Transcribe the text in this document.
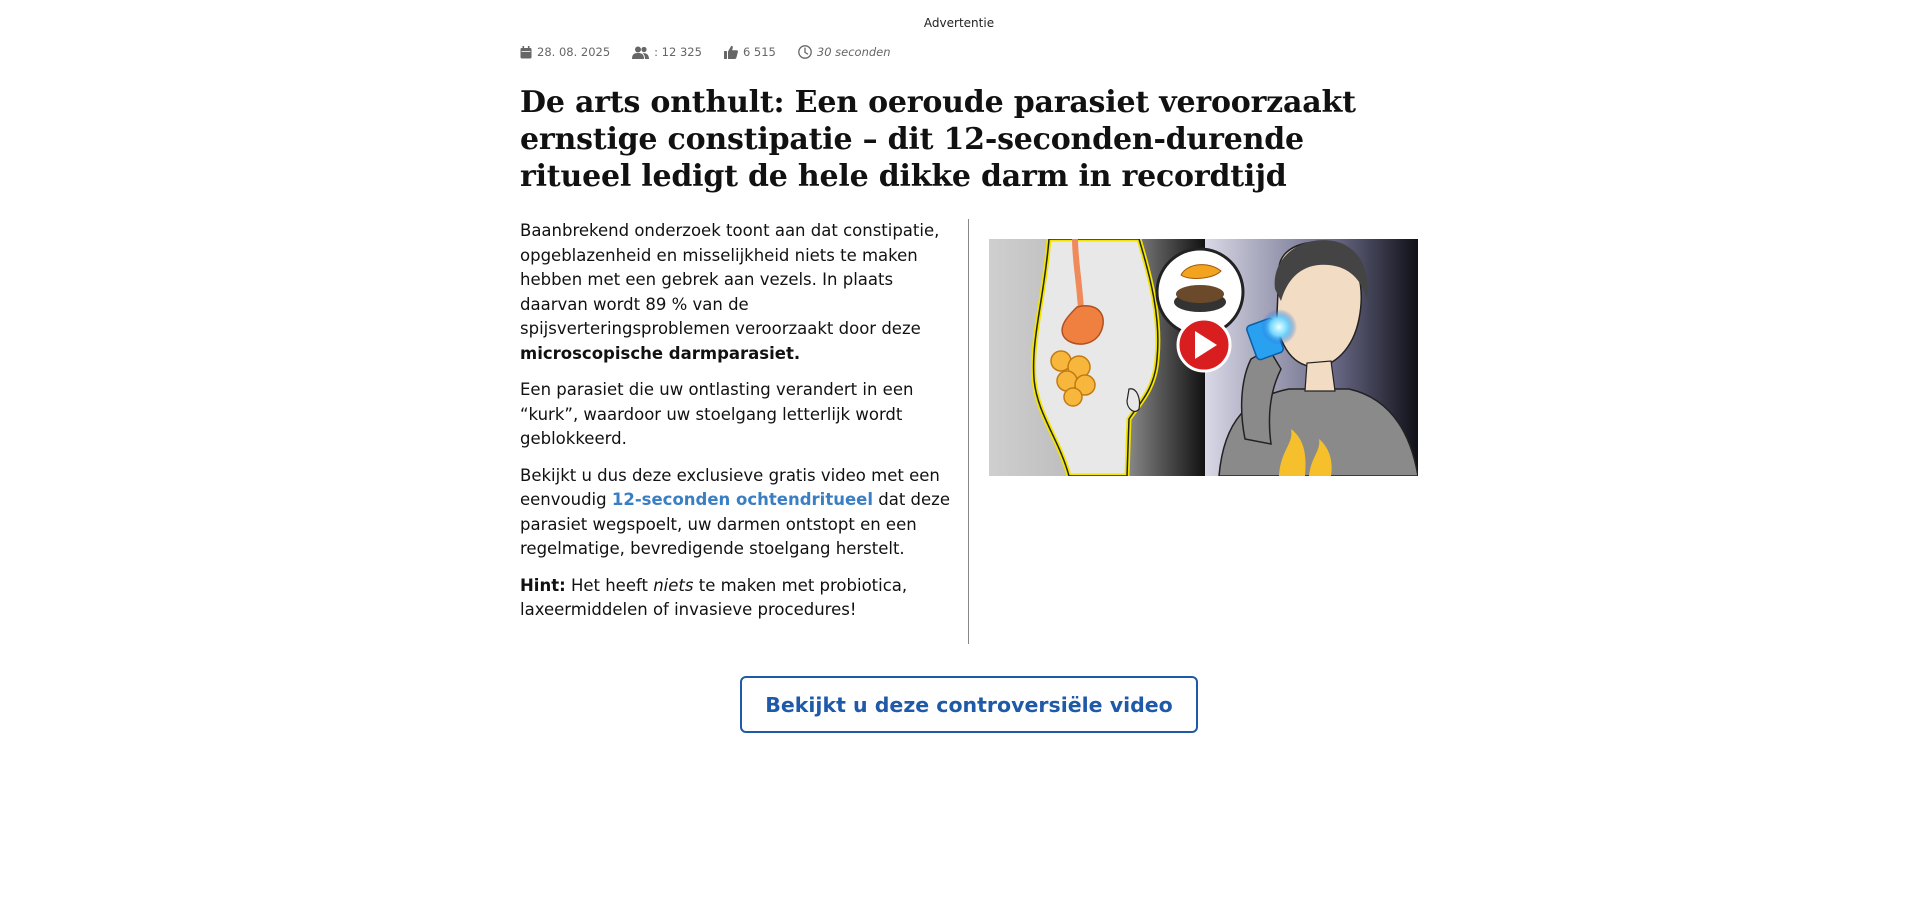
Advertentie
28. 08. 2025	: 12 325	6 515	30 seconden
De arts onthult: Een oeroude parasiet veroorzaakt ernstige constipatie – dit 12-seconden-durende ritueel ledigt de hele dikke darm in recordtijd

Baanbrekend onderzoek toont aan dat constipatie, opgeblazenheid en misselijkheid niets te maken hebben met een gebrek aan vezels. In plaats daarvan wordt 89 % van de spijsverteringsproblemen veroorzaakt door deze microscopische darmparasiet.

Een parasiet die uw ontlasting verandert in een “kurk”, waardoor uw stoelgang letterlijk wordt geblokkeerd.

Bekijkt u dus deze exclusieve gratis video met een eenvoudig 12-seconden ochtendritueel dat deze parasiet wegspoelt, uw darmen ontstopt en een regelmatige, bevredigende stoelgang herstelt.

Hint: Het heeft niets te maken met probiotica, laxeermiddelen of invasieve procedures!

Bekijkt u deze controversiële video
